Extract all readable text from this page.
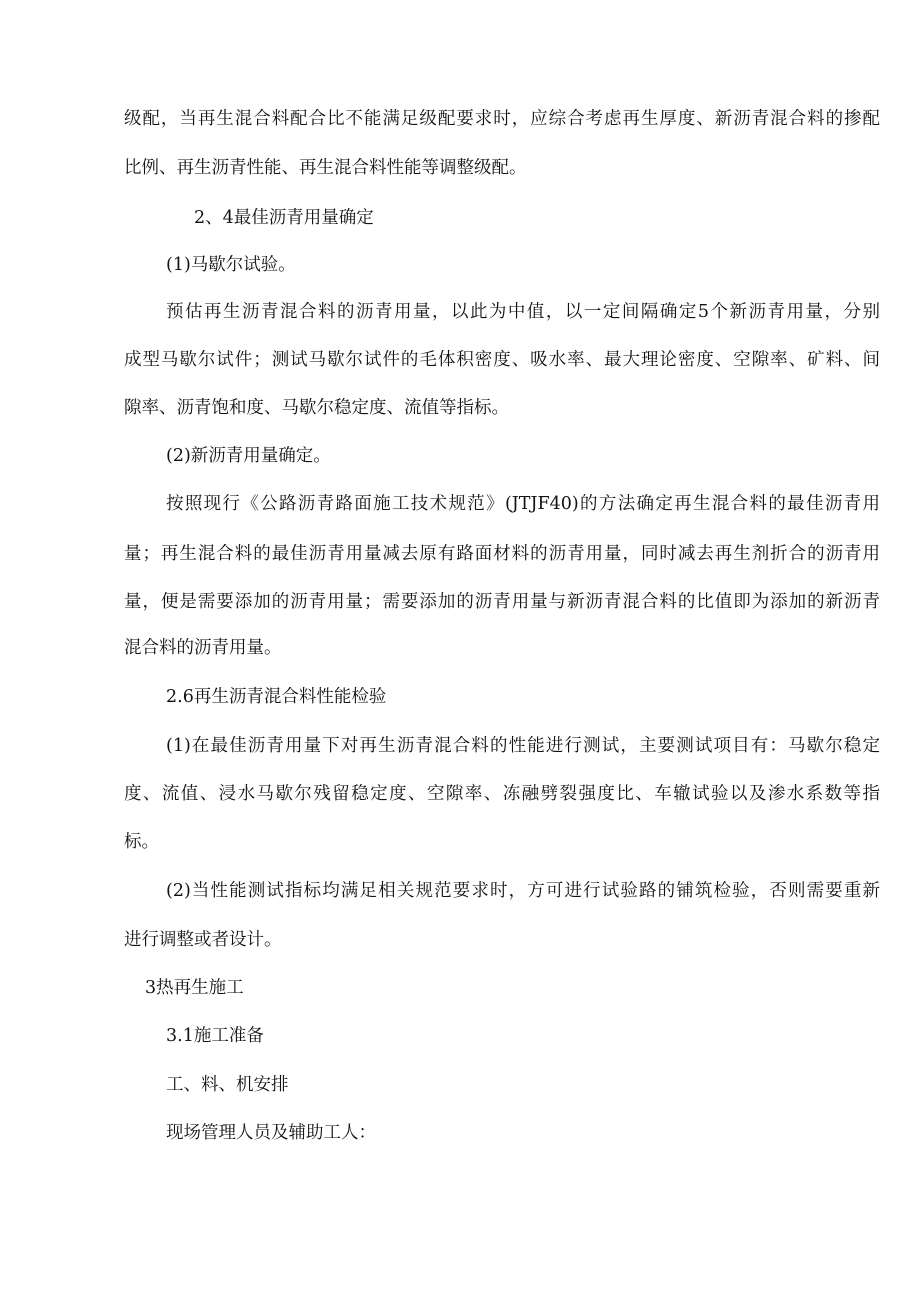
级配，当再生混合料配合比不能满足级配要求时，应综合考虑再生厚度、新沥青混合料的掺配

比例、再生沥青性能、再生混合料性能等调整级配。

2、4最佳沥青用量确定

(1)马歇尔试验。

预估再生沥青混合料的沥青用量，以此为中值，以一定间隔确定5个新沥青用量，分别

成型马歇尔试件；测试马歇尔试件的毛体积密度、吸水率、最大理论密度、空隙率、矿料、间

隙率、沥青饱和度、马歇尔稳定度、流值等指标。

(2)新沥青用量确定。

按照现行《公路沥青路面施工技术规范》(JTJF40)的方法确定再生混合料的最佳沥青用

量；再生混合料的最佳沥青用量减去原有路面材料的沥青用量，同时减去再生剂折合的沥青用

量，便是需要添加的沥青用量；需要添加的沥青用量与新沥青混合料的比值即为添加的新沥青

混合料的沥青用量。

2.6再生沥青混合料性能检验

(1)在最佳沥青用量下对再生沥青混合料的性能进行测试，主要测试项目有：马歇尔稳定

度、流值、浸水马歇尔残留稳定度、空隙率、冻融劈裂强度比、车辙试验以及渗水系数等指

标。

(2)当性能测试指标均满足相关规范要求时，方可进行试验路的铺筑检验，否则需要重新

进行调整或者设计。

3热再生施工

3.1施工准备

工、料、机安排

现场管理人员及辅助工人：
